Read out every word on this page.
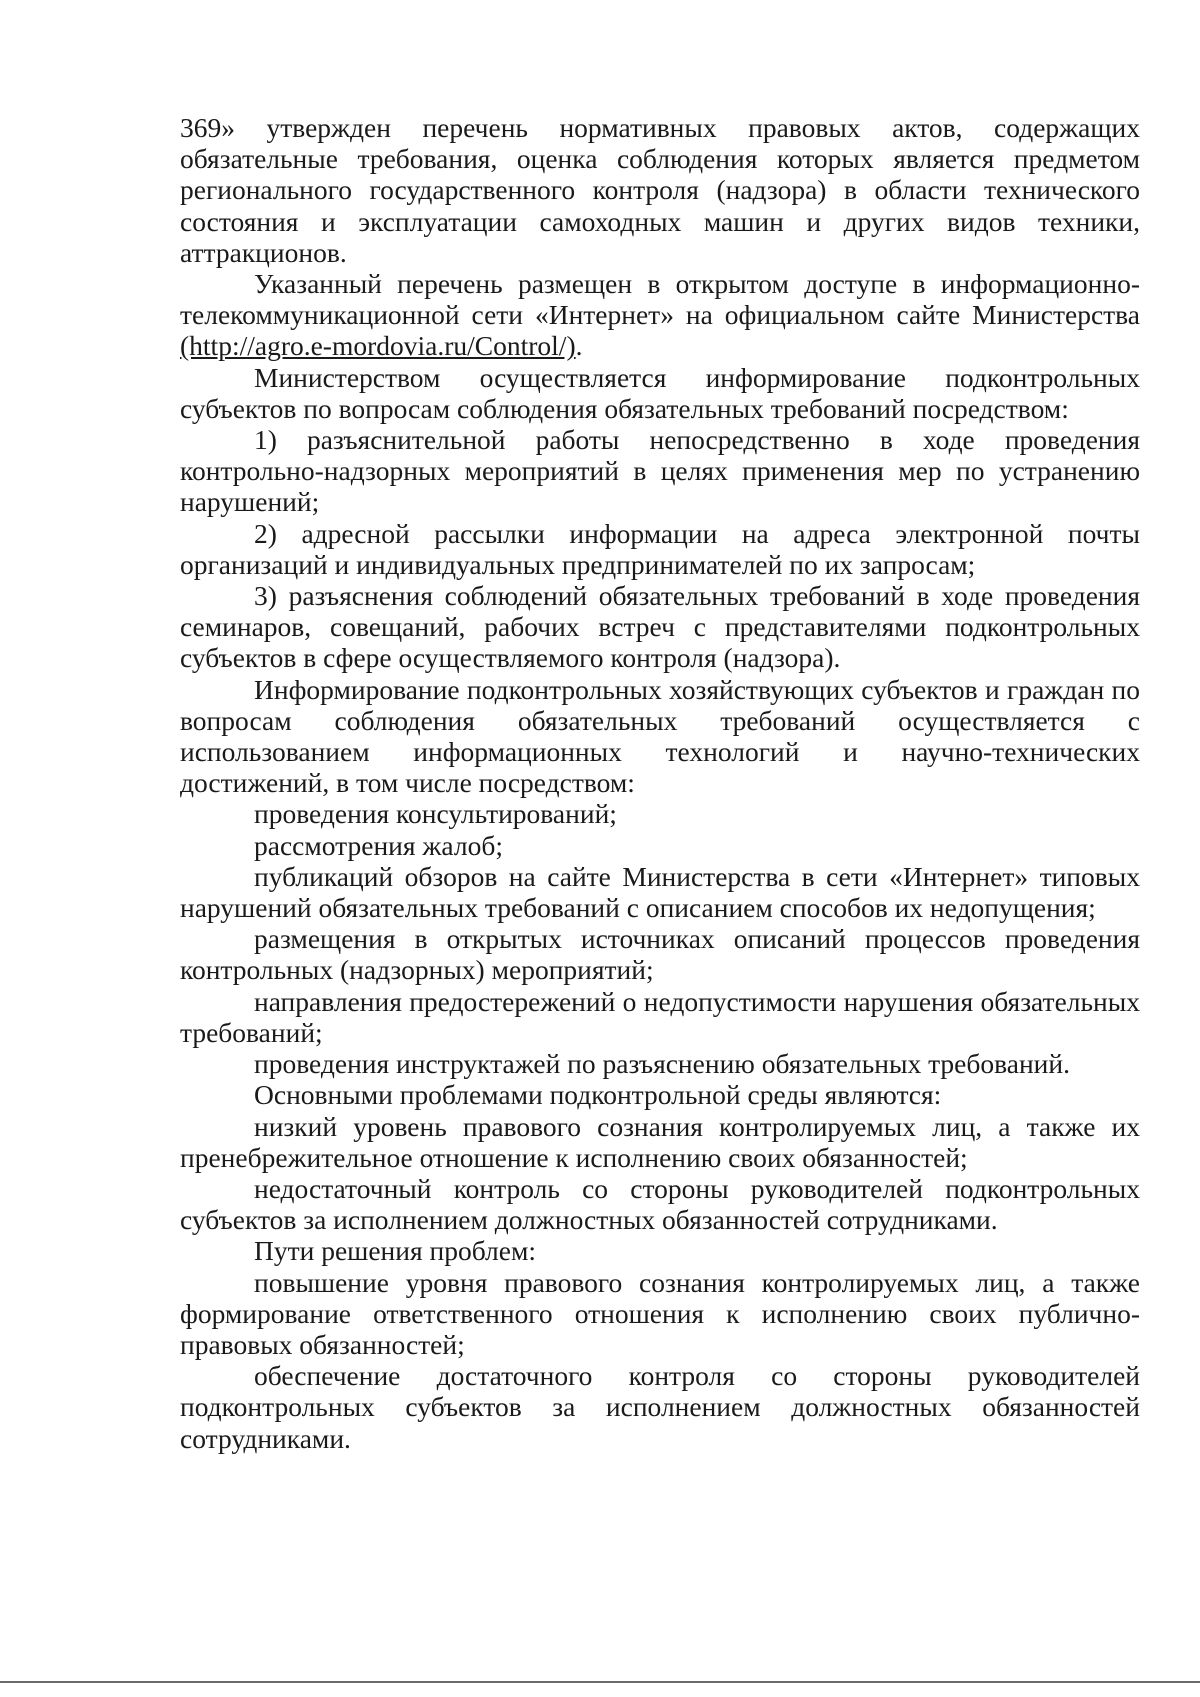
369» утвержден перечень нормативных правовых актов, содержащих обязательные требования, оценка соблюдения которых является предметом регионального государственного контроля (надзора) в области технического состояния и эксплуатации самоходных машин и других видов техники, аттракционов.

Указанный перечень размещен в открытом доступе в информационно-телекоммуникационной сети «Интернет» на официальном сайте Министерства (http://agro.e-mordovia.ru/Control/).

Министерством осуществляется информирование подконтрольных субъектов по вопросам соблюдения обязательных требований посредством:

1) разъяснительной работы непосредственно в ходе проведения контрольно-надзорных мероприятий в целях применения мер по устранению нарушений;

2) адресной рассылки информации на адреса электронной почты организаций и индивидуальных предпринимателей по их запросам;

3) разъяснения соблюдений обязательных требований в ходе проведения семинаров, совещаний, рабочих встреч с представителями подконтрольных субъектов в сфере осуществляемого контроля (надзора).

Информирование подконтрольных хозяйствующих субъектов и граждан по вопросам соблюдения обязательных требований осуществляется с использованием информационных технологий и научно-технических достижений, в том числе посредством:

проведения консультирований;

рассмотрения жалоб;

публикаций обзоров на сайте Министерства в сети «Интернет» типовых нарушений обязательных требований с описанием способов их недопущения;

размещения в открытых источниках описаний процессов проведения контрольных (надзорных) мероприятий;

направления предостережений о недопустимости нарушения обязательных требований;

проведения инструктажей по разъяснению обязательных требований.

Основными проблемами подконтрольной среды являются:

низкий уровень правового сознания контролируемых лиц, а также их пренебрежительное отношение к исполнению своих обязанностей;

недостаточный контроль со стороны руководителей подконтрольных субъектов за исполнением должностных обязанностей сотрудниками.

Пути решения проблем:

повышение уровня правового сознания контролируемых лиц, а также формирование ответственного отношения к исполнению своих публично-правовых обязанностей;

обеспечение достаточного контроля со стороны руководителей подконтрольных субъектов за исполнением должностных обязанностей сотрудниками.
